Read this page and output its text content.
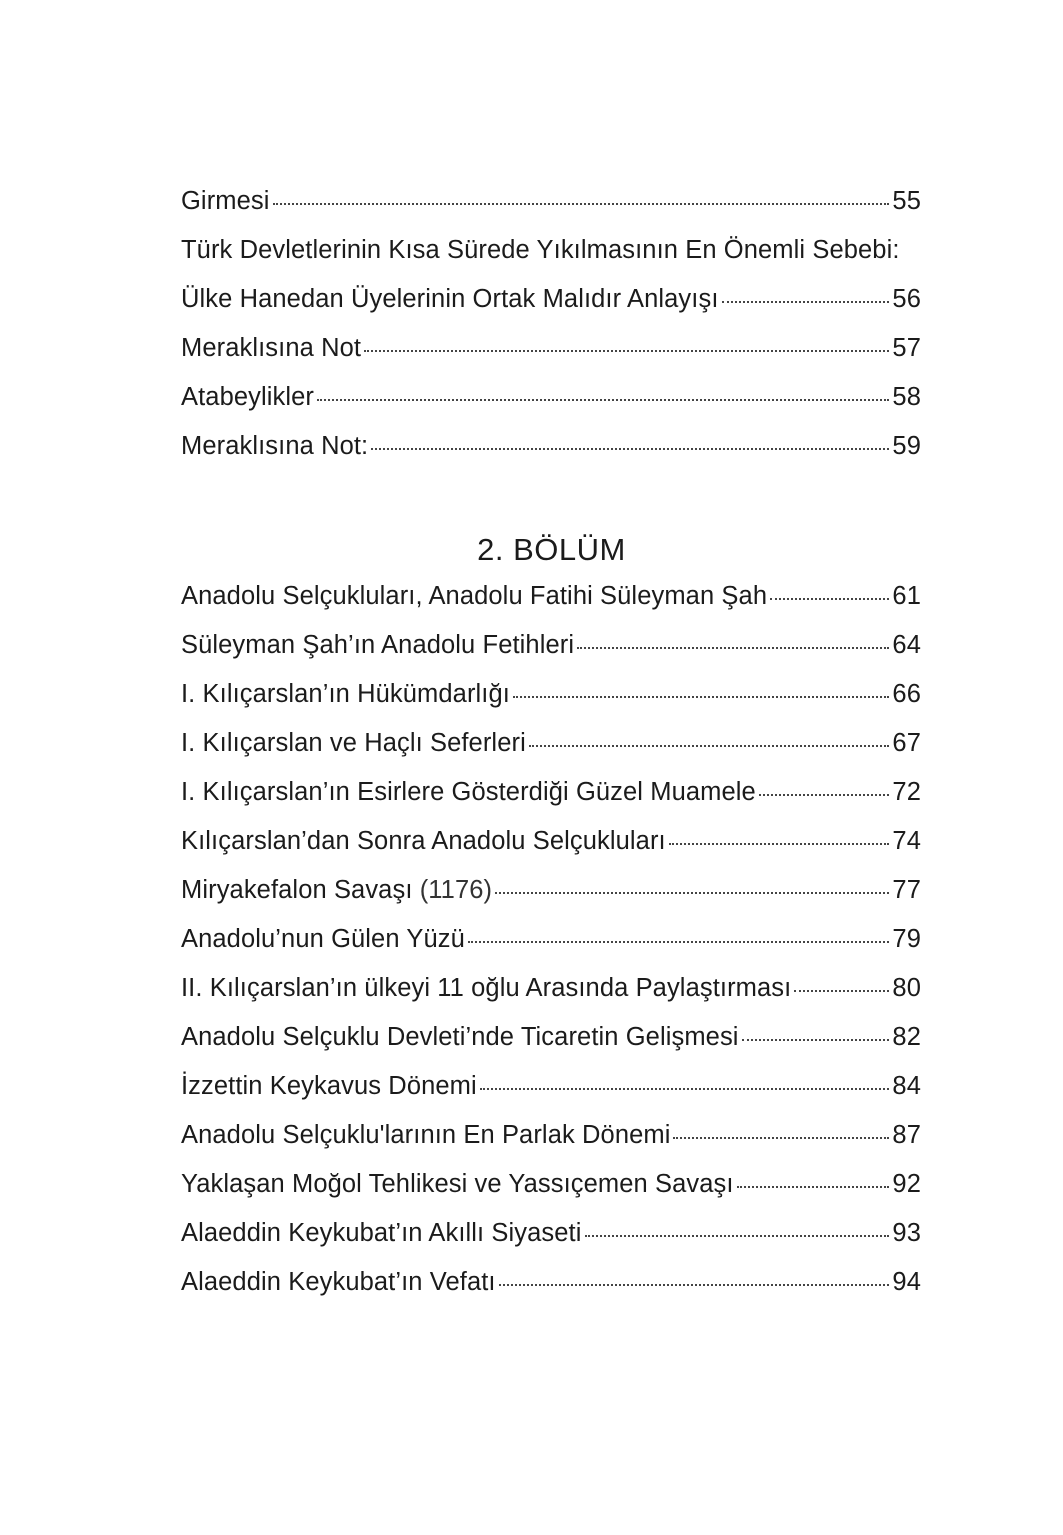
Girmesi	55
Türk Devletlerinin Kısa Sürede Yıkılmasının En Önemli Sebebi:
Ülke Hanedan Üyelerinin Ortak Malıdır Anlayışı	56
Meraklısına Not	57
Atabeylikler	58
Meraklısına Not:	59
2. BÖLÜM
Anadolu Selçukluları, Anadolu Fatihi Süleyman Şah	61
Süleyman Şah’ın Anadolu Fetihleri	64
I. Kılıçarslan’ın Hükümdarlığı	66
I. Kılıçarslan ve Haçlı Seferleri	67
I. Kılıçarslan’ın Esirlere Gösterdiği Güzel Muamele	72
Kılıçarslan’dan Sonra Anadolu Selçukluları	74
Miryakefalon Savaşı (1176)	77
Anadolu’nun Gülen Yüzü	79
II. Kılıçarslan’ın ülkeyi 11 oğlu Arasında Paylaştırması	80
Anadolu Selçuklu Devleti’nde Ticaretin Gelişmesi	82
İzzettin Keykavus Dönemi	84
Anadolu Selçuklu'larının En Parlak Dönemi	87
Yaklaşan Moğol Tehlikesi ve Yassıçemen Savaşı	92
Alaeddin Keykubat’ın Akıllı Siyaseti	93
Alaeddin Keykubat’ın Vefatı	94
